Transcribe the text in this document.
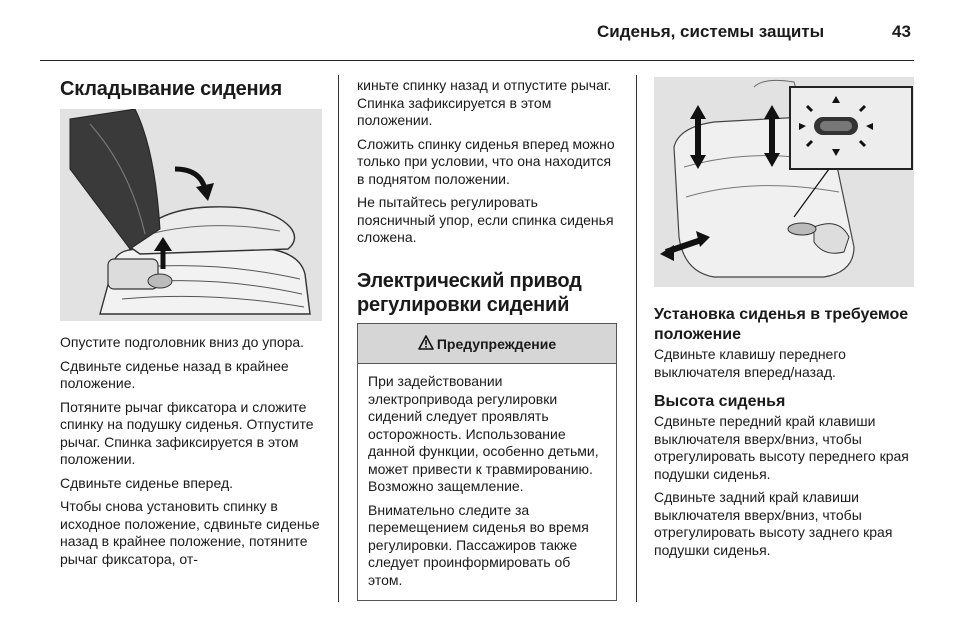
Сиденья, системы защиты	43
Складывание сидения

Опустите подголовник вниз до упора.

Сдвиньте сиденье назад в крайнее положение.

Потяните рычаг фиксатора и сложите спинку на подушку сиденья. Отпустите рычаг. Спинка зафиксируется в этом положении.

Сдвиньте сиденье вперед.

Чтобы снова установить спинку в исходное положение, сдвиньте сиденье назад в крайнее положение, потяните рычаг фиксатора, от-

киньте спинку назад и отпустите рычаг. Спинка зафиксируется в этом положении.

Сложить спинку сиденья вперед можно только при условии, что она находится в поднятом положении.

Не пытайтесь регулировать поясничный упор, если спинка сиденья сложена.

Электрический привод регулировки сидений
Предупреждение

При задействовании электропривода регулировки сидений следует проявлять осторожность. Использование данной функции, особенно детьми, может привести к травмированию. Возможно защемление.

Внимательно следите за перемещением сиденья во время регулировки. Пассажиров также следует проинформировать об этом.

Установка сиденья в требуемое положение

Сдвиньте клавишу переднего выключателя вперед/назад.

Высота сиденья

Сдвиньте передний край клавиши выключателя вверх/вниз, чтобы отрегулировать высоту переднего края подушки сиденья.

Сдвиньте задний край клавиши выключателя вверх/вниз, чтобы отрегулировать высоту заднего края подушки сиденья.
